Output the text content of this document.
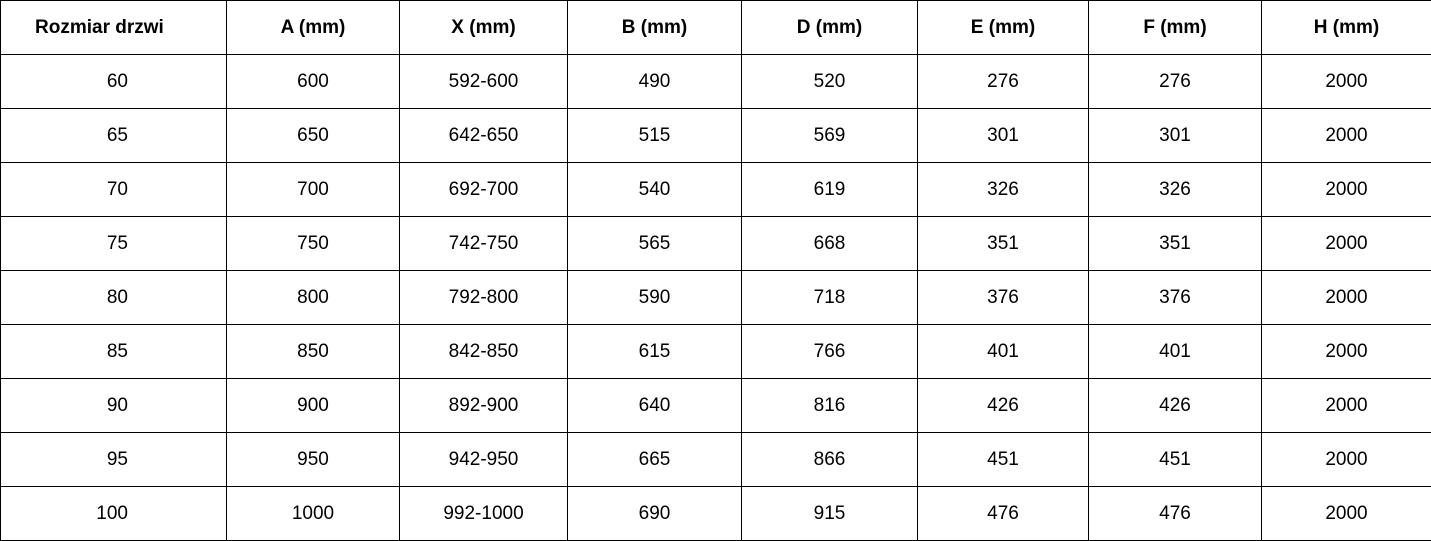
Rozmiar drzwi	A (mm)	X (mm)	B (mm)	D (mm)	E (mm)	F (mm)	H (mm)
60	600	592-600	490	520	276	276	2000
65	650	642-650	515	569	301	301	2000
70	700	692-700	540	619	326	326	2000
75	750	742-750	565	668	351	351	2000
80	800	792-800	590	718	376	376	2000
85	850	842-850	615	766	401	401	2000
90	900	892-900	640	816	426	426	2000
95	950	942-950	665	866	451	451	2000
100	1000	992-1000	690	915	476	476	2000
